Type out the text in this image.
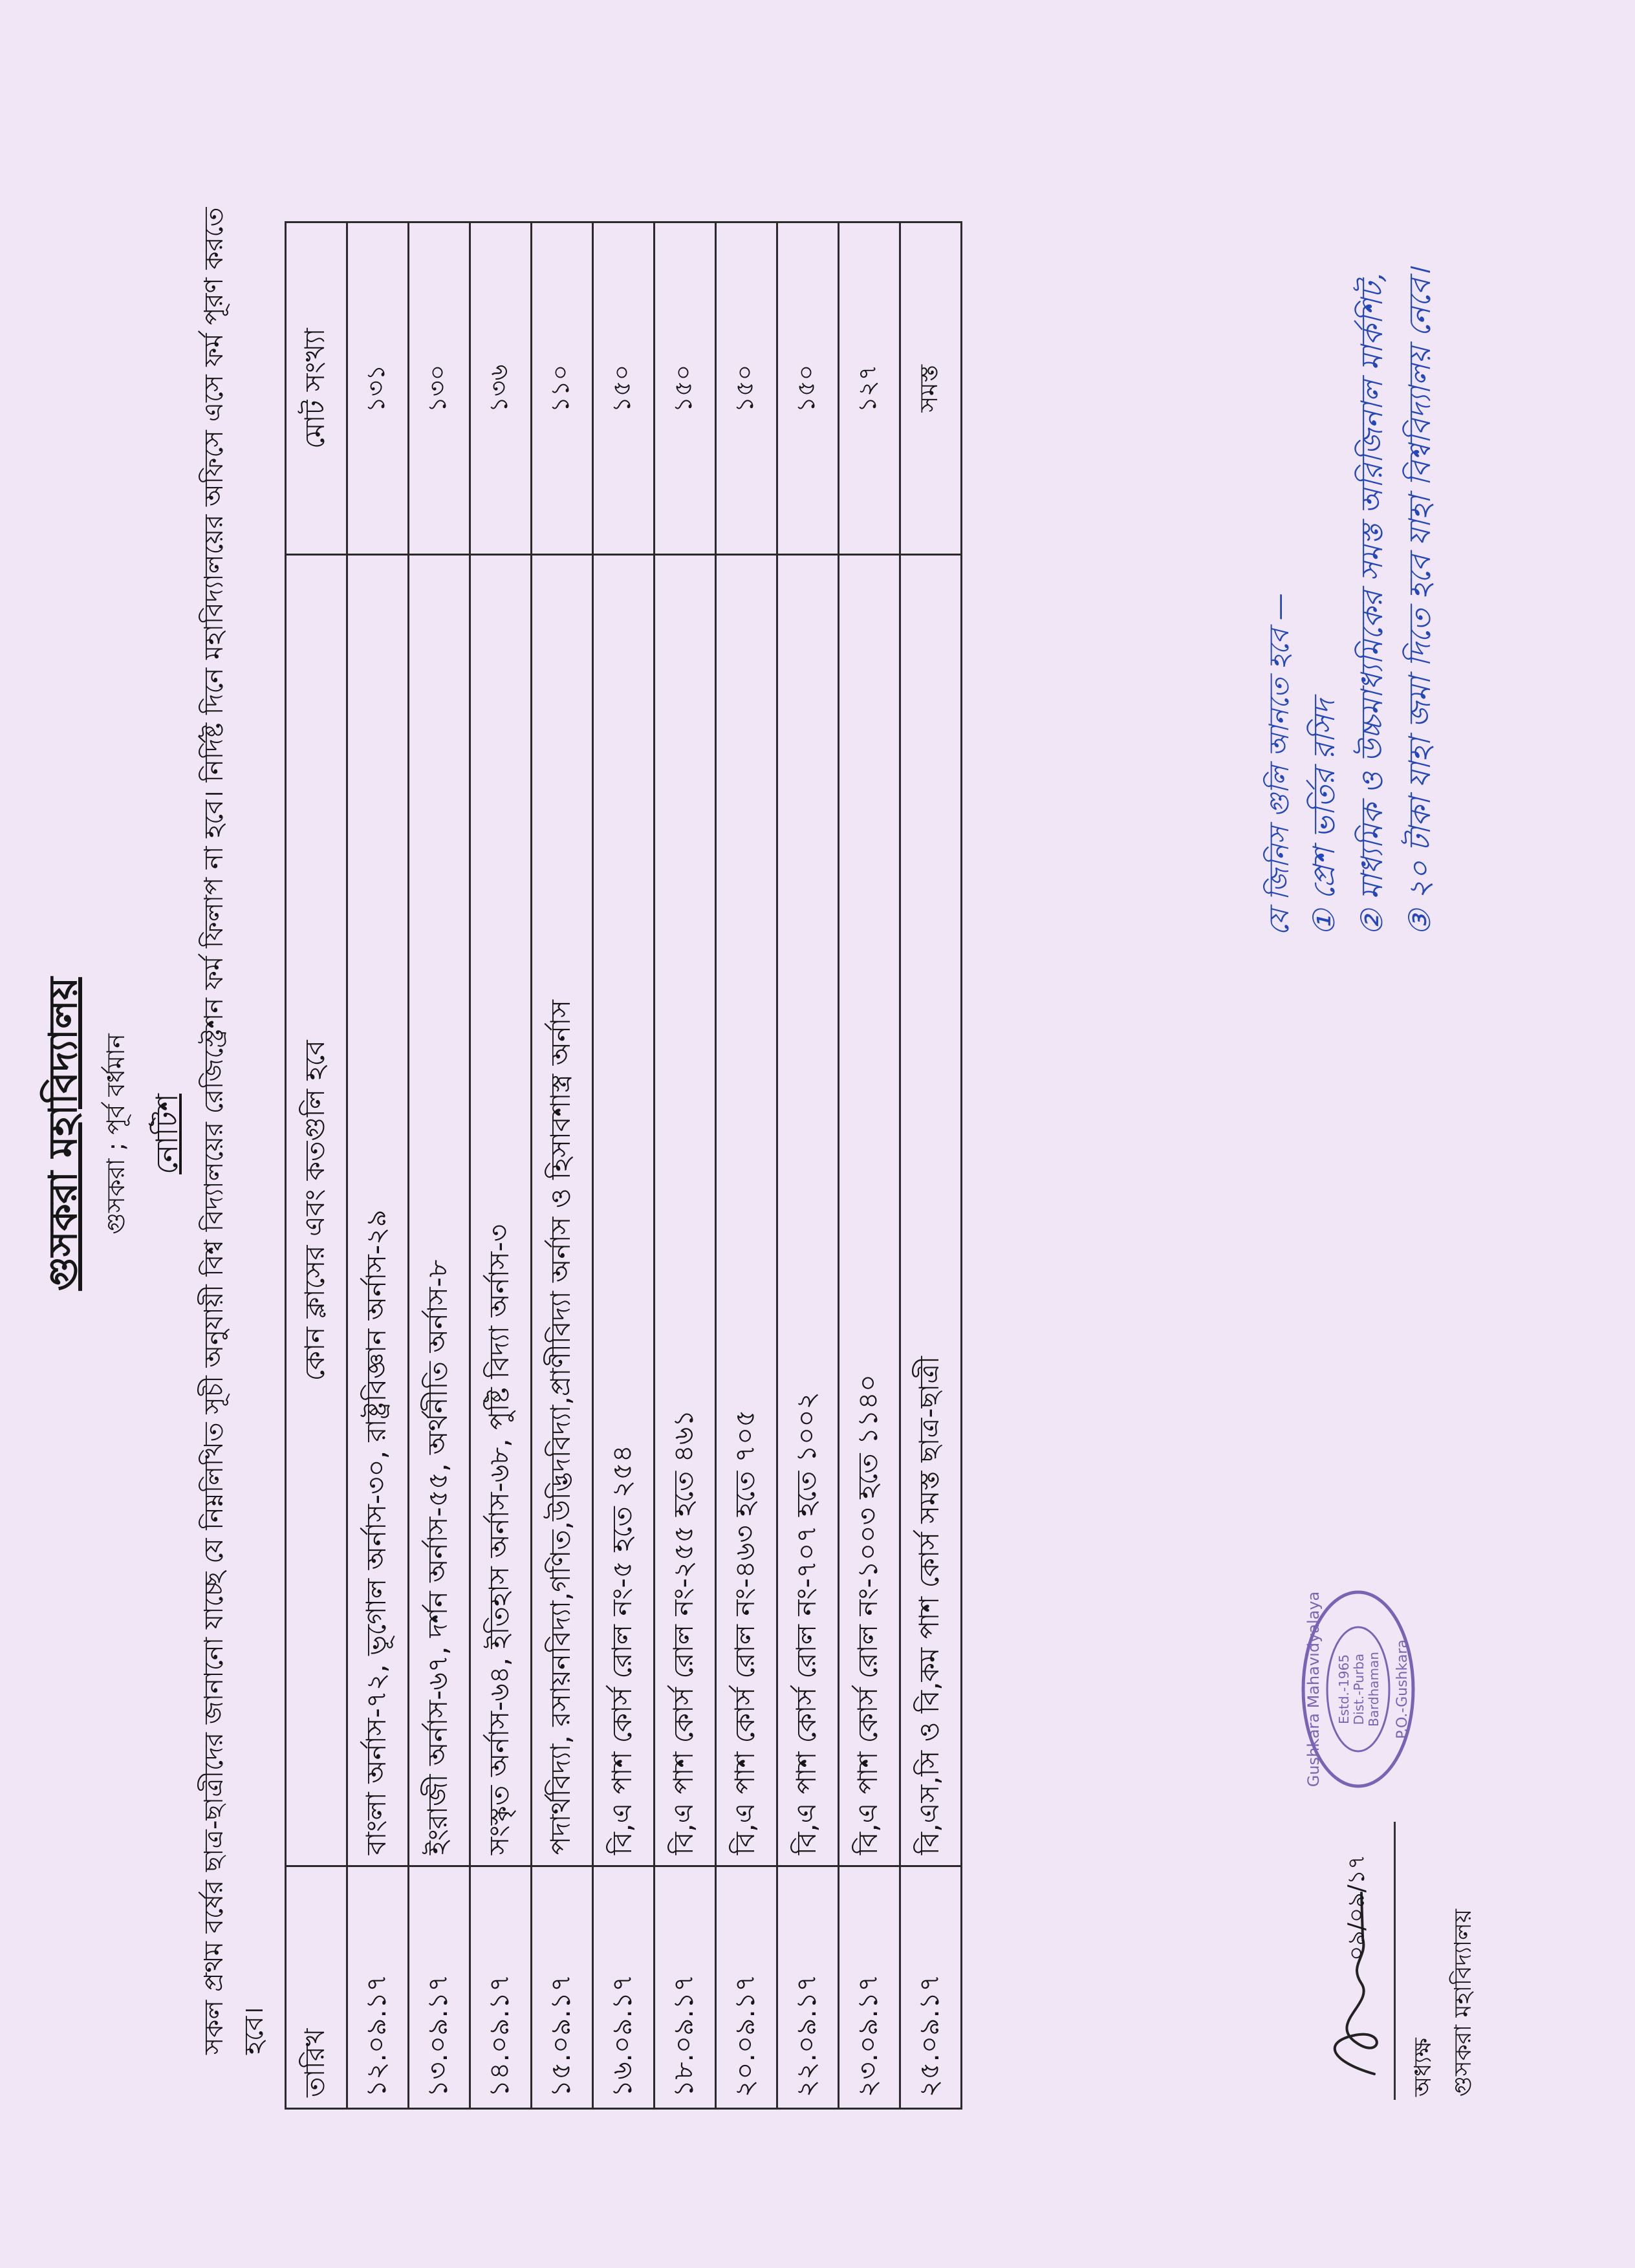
গুসকরা মহাবিদ্যালয় গুসকরা ; পূর্ব বর্ধমান নোটিশ সকল প্রথম বর্ষের ছাত্র-ছাত্রীদের জানানো যাচ্ছে যে নিম্নলিখিত সূচী অনুযায়ী বিশ্ব বিদ্যালয়ের রেজিস্ট্রেশন ফর্ম ফিলাপ না হবে। নির্দিষ্ট দিনে মহাবিদ্যালয়ের অফিসে এসে ফর্ম পূরণ করতে হবে। তারিখ	কোন ক্লাসের এবং কতগুলি হবে	মোট সংখ্যা
১২.০৯.১৭	বাংলা অর্নাস-৭২, ভূগোল অর্নাস-৩০, রাষ্ট্রবিজ্ঞান অর্নাস-২৯	১৩১
১৩.০৯.১৭	ইংরাজী অর্নাস-৬৭, দর্শন অর্নাস-৫৫, অর্থনীতি অর্নাস-৮	১৩০
১৪.০৯.১৭	সংস্কৃত অর্নাস-৬৪, ইতিহাস অর্নাস-৬৮, পুষ্টি বিদ্যা অর্নাস-৩	১৩৬
১৫.০৯.১৭	পদার্থবিদ্যা, রসায়নবিদ্যা,গণিত,উদ্ভিদবিদ্যা,প্রাণীবিদ্যা অর্নাস ও হিসাবশাস্ত্র অর্নাস	১১০
১৬.০৯.১৭	বি,এ পাশ কোর্স রোল নং-৫ হতে ২৫৪	১৫০
১৮.০৯.১৭	বি,এ পাশ কোর্স রোল নং-২৫৫ হতে ৪৬১	১৫০
২০.০৯.১৭	বি,এ পাশ কোর্স রোল নং-৪৬৩ হতে ৭০৫	১৫০
২২.০৯.১৭	বি,এ পাশ কোর্স রোল নং-৭০৭ হতে ১০০২	১৫০
২৩.০৯.১৭	বি,এ পাশ কোর্স রোল নং-১০০৩ হতে ১১৪০	১২৭
২৫.০৯.১৭	বি,এস,সি ও বি,কম পাশ কোর্স সমস্ত ছাত্র-ছাত্রী	সমস্ত
যে জিনিস গুলি আনতে হবে — ① প্রেশ ভর্তির রসিদ ② মাধ্যমিক ও উচ্চমাধ্যমিকের সমস্ত অরিজিনাল মার্কশিট, ③ ২০ টাকা যাহা জমা দিতে হবে যাহা বিশ্ববিদ্যালয় নেবে।
০৯/০৯/১৭
অধ্যক্ষ গুসকরা মহাবিদ্যালয়
Gushkara Mahavidyalaya Estd.-1965 Dist.-Purba Bardhaman P.O.-Gushkara
